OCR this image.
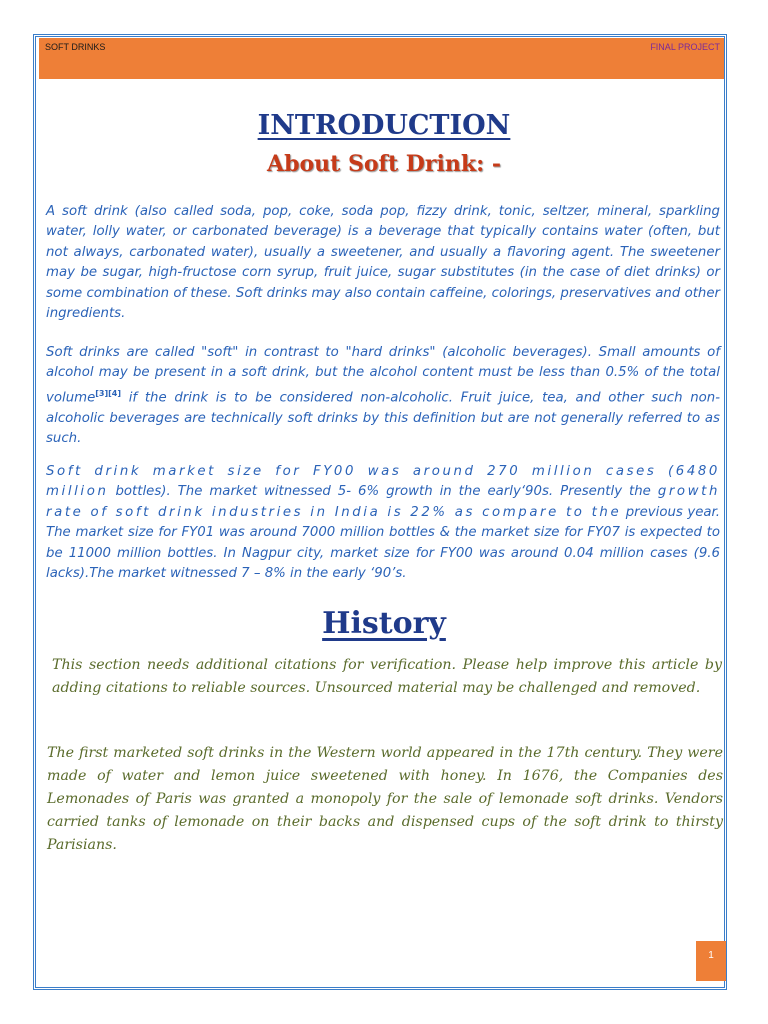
SOFT DRINKS	FINAL PROJECT
INTRODUCTION
About Soft Drink: -

A soft drink (also called soda, pop, coke, soda pop, fizzy drink, tonic, seltzer, mineral, sparkling water, lolly water, or carbonated beverage) is a beverage that typically contains water (often, but not always, carbonated water), usually a sweetener, and usually a flavoring agent. The sweetener may be sugar, high-fructose corn syrup, fruit juice, sugar substitutes (in the case of diet drinks) or some combination of these. Soft drinks may also contain caffeine, colorings, preservatives and other ingredients.

Soft drinks are called "soft" in contrast to "hard drinks" (alcoholic beverages). Small amounts of alcohol may be present in a soft drink, but the alcohol content must be less than 0.5% of the total volume[3][4] if the drink is to be considered non-alcoholic. Fruit juice, tea, and other such non-alcoholic beverages are technically soft drinks by this definition but are not generally referred to as such.

Soft drink market size for FY00 was around 270 million cases (6480 million bottles). The market witnessed 5- 6% growth in the early‘90s. Presently the growth rate of soft drink industries in India is 22% as compare to the previous year. The market size for FY01 was around 7000 million bottles & the market size for FY07 is expected to be 11000 million bottles. In Nagpur city, market size for FY00 was around 0.04 million cases (9.6 lacks).The market witnessed 7 – 8% in the early ‘90’s.

History

This section needs additional citations for verification. Please help improve this article by adding citations to reliable sources. Unsourced material may be challenged and removed.

The first marketed soft drinks in the Western world appeared in the 17th century. They were made of water and lemon juice sweetened with honey. In 1676, the Companies des Lemonades of Paris was granted a monopoly for the sale of lemonade soft drinks. Vendors carried tanks of lemonade on their backs and dispensed cups of the soft drink to thirsty Parisians.

1
